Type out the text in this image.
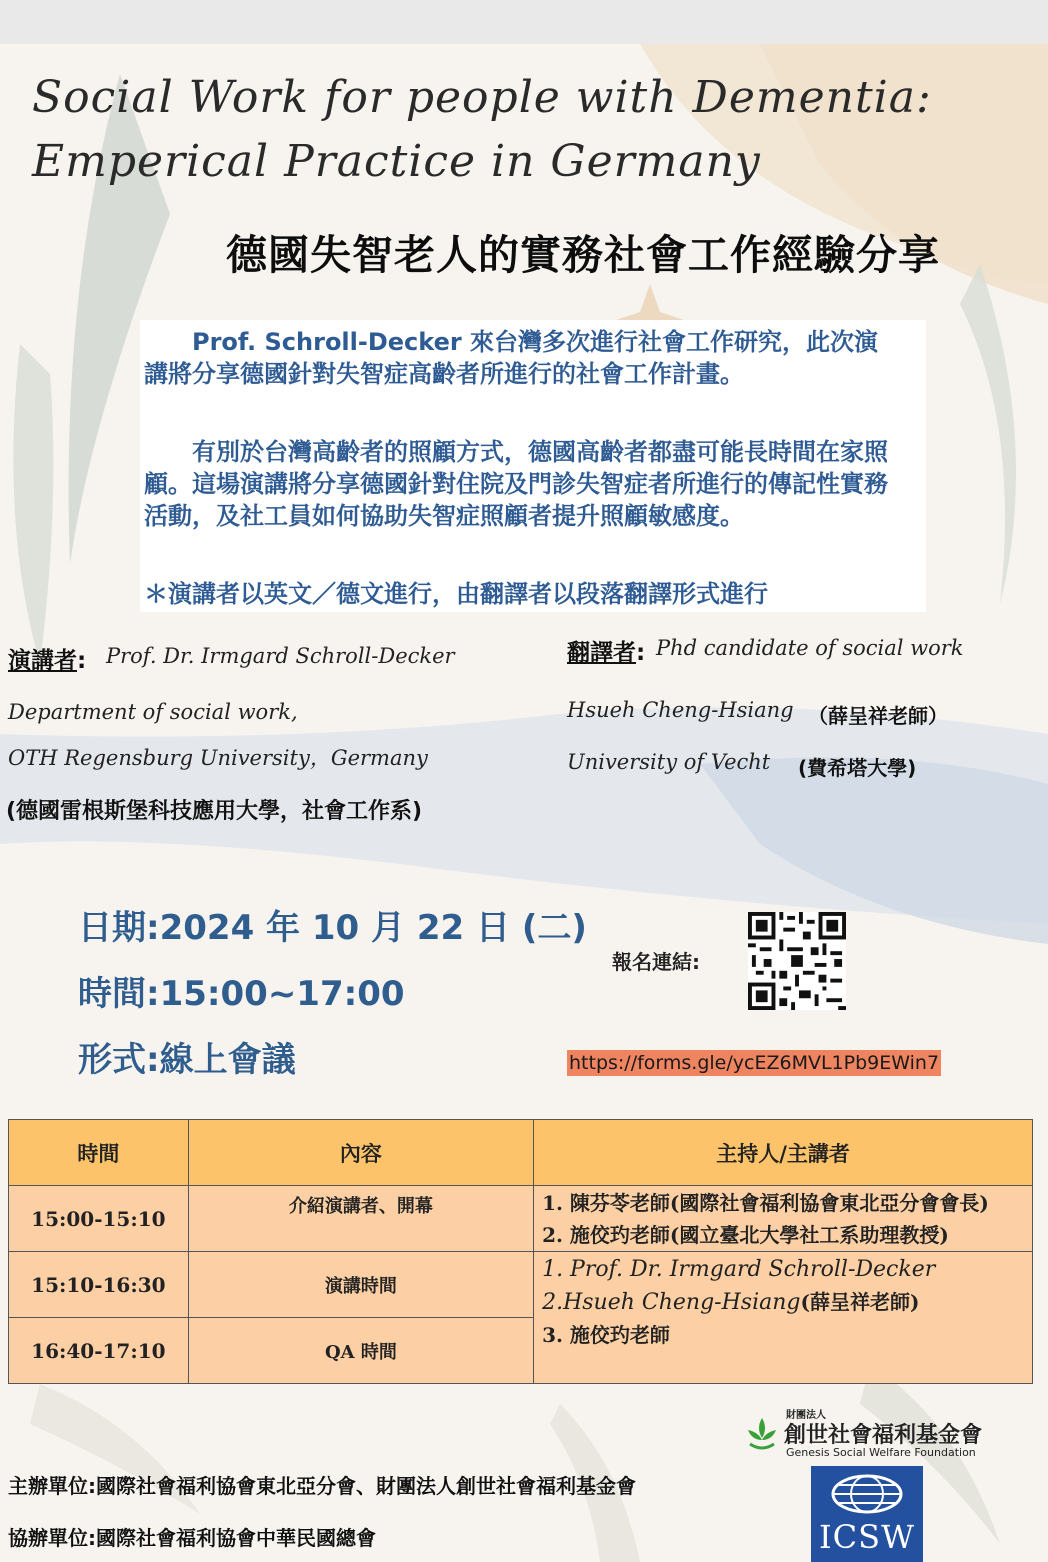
Social Work for people with Dementia:
Emperical Practice in Germany
德國失智老人的實務社會工作經驗分享

　　Prof. Schroll-Decker 來台灣多次進行社會工作研究，此次演講將分享德國針對失智症高齡者所進行的社會工作計畫。

　　有別於台灣高齡者的照顧方式，德國高齡者都盡可能長時間在家照顧。這場演講將分享德國針對住院及門診失智症者所進行的傳記性實務活動，及社工員如何協助失智症照顧者提升照顧敏感度。

＊演講者以英文／德文進行，由翻譯者以段落翻譯形式進行

演講者: Prof. Dr. Irmgard Schroll-Decker
Department of social work,
OTH Regensburg University，Germany
(德國雷根斯堡科技應用大學，社會工作系)
翻譯者: Phd candidate of social work
Hsueh Cheng-Hsiang （薛呈祥老師）
University of Vecht (費希塔大學)
日期:2024 年 10 月 22 日 (二)
時間:15:00~17:00
形式:線上會議
報名連結:
https://forms.gle/ycEZ6MVL1Pb9EWin7
時間	內容	主持人/主講者
15:00-15:10	介紹演講者、開幕	1. 陳芬苓老師(國際社會福利協會東北亞分會會長)
2. 施佼玓老師(國立臺北大學社工系助理教授)

15:10-16:30	演講時間	1. Prof. Dr. Irmgard Schroll-Decker
2.Hsueh Cheng-Hsiang(薛呈祥老師)
3. 施佼玓老師

16:40-17:10	QA 時間	
主辦單位:國際社會福利協會東北亞分會、財團法人創世社會福利基金會
協辦單位:國際社會福利協會中華民國總會
財團法人
創世社會福利基金會
Genesis Social Welfare Foundation
ICSW
